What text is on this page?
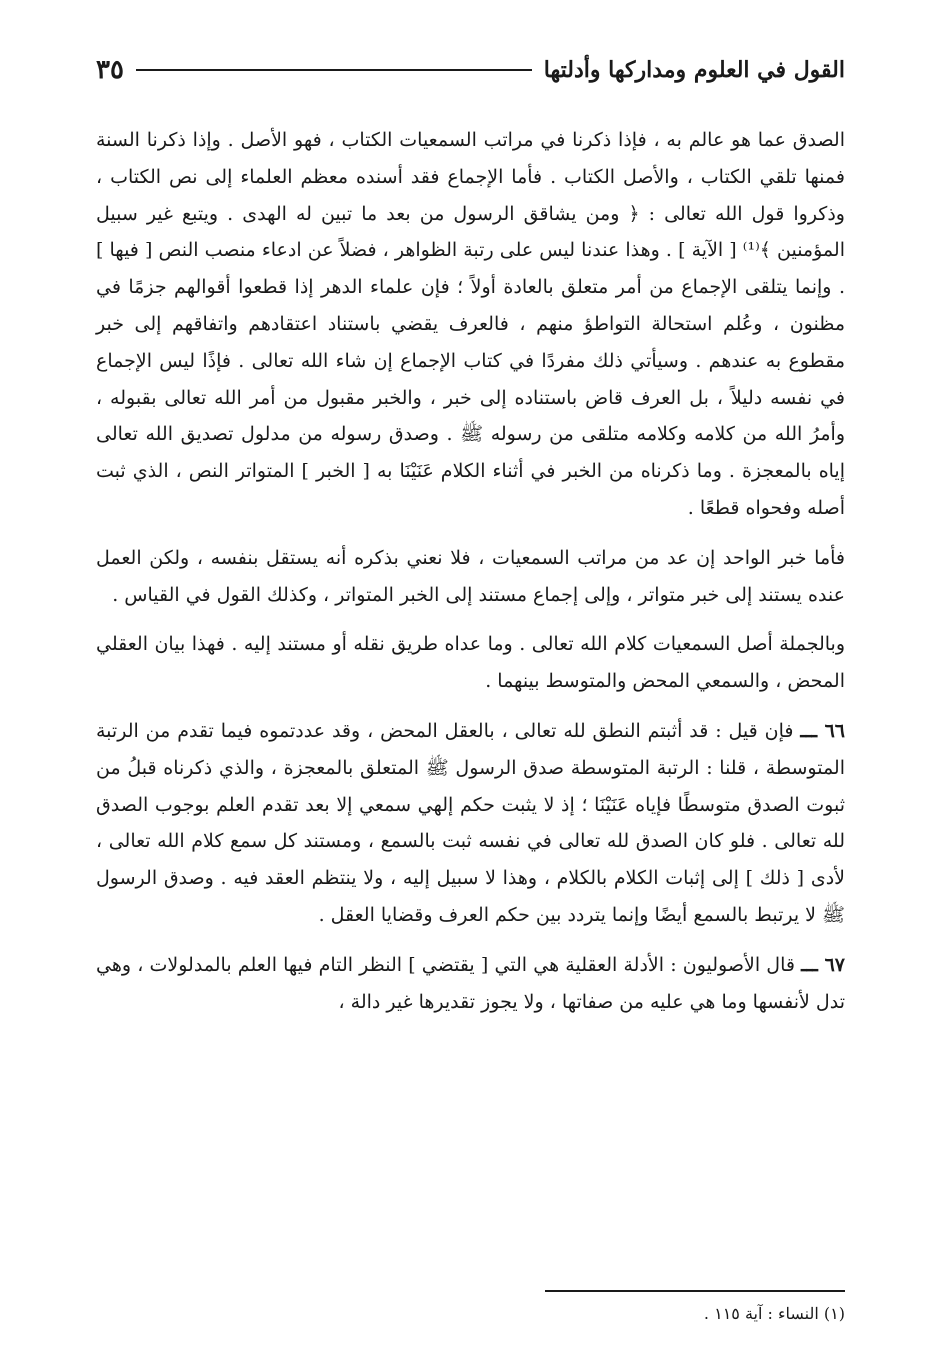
القول في العلوم ومداركها وأدلتها
٣٥

الصدق عما هو عالم به ، فإذا ذكرنا في مراتب السمعيات الكتاب ، فهو الأصل . وإذا ذكرنا السنة فمنها تلقي الكتاب ، والأصل الكتاب . فأما الإجماع فقد أسنده معظم العلماء إلى نص الكتاب ، وذكروا قول الله تعالى : ﴿ ومن يشاقق الرسول من بعد ما تبين له الهدى . ويتبع غير سبيل المؤمنين ﴾⁽¹⁾ [ الآية ] . وهذا عندنا ليس على رتبة الظواهر ، فضلاً عن ادعاء منصب النص [ فيها ] . وإنما يتلقى الإجماع من أمر متعلق بالعادة أولاً ؛ فإن علماء الدهر إذا قطعوا أقوالهم جزمًا في مظنون ، وعُلم استحالة التواطؤ منهم ، فالعرف يقضي باستناد اعتقادهم واتفاقهم إلى خبر مقطوع به عندهم . وسيأتي ذلك مفردًا في كتاب الإجماع إن شاء الله تعالى . فإذًا ليس الإجماع في نفسه دليلاً ، بل العرف قاض باستناده إلى خبر ، والخبر مقبول من أمر الله تعالى بقبوله ، وأمرُ الله من كلامه وكلامه متلقى من رسوله ﷺ . وصدق رسوله من مدلول تصديق الله تعالى إياه بالمعجزة . وما ذكرناه من الخبر في أثناء الكلام عَنَيْنَا به [ الخبر ] المتواتر النص ، الذي ثبت أصله وفحواه قطعًا .

فأما خبر الواحد إن عد من مراتب السمعيات ، فلا نعني بذكره أنه يستقل بنفسه ، ولكن العمل عنده يستند إلى خبر متواتر ، وإلى إجماع مستند إلى الخبر المتواتر ، وكذلك القول في القياس .

وبالجملة أصل السمعيات كلام الله تعالى . وما عداه طريق نقله أو مستند إليه . فهذا بيان العقلي المحض ، والسمعي المحض والمتوسط بينهما .

٦٦ ـــ فإن قيل : قد أثبتم النطق لله تعالى ، بالعقل المحض ، وقد عددتموه فيما تقدم من الرتبة المتوسطة ، قلنا : الرتبة المتوسطة صدق الرسول ﷺ المتعلق بالمعجزة ، والذي ذكرناه قبلُ من ثبوت الصدق متوسطًا فإياه عَنَيْنَا ؛ إذ لا يثبت حكم إلهي سمعي إلا بعد تقدم العلم بوجوب الصدق لله تعالى . فلو كان الصدق لله تعالى في نفسه ثبت بالسمع ، ومستند كل سمع كلام الله تعالى ، لأدى [ ذلك ] إلى إثبات الكلام بالكلام ، وهذا لا سبيل إليه ، ولا ينتظم العقد فيه . وصدق الرسول ﷺ لا يرتبط بالسمع أيضًا وإنما يتردد بين حكم العرف وقضايا العقل .

٦٧ ـــ قال الأصوليون : الأدلة العقلية هي التي [ يقتضي ] النظر التام فيها العلم بالمدلولات ، وهي تدل لأنفسها وما هي عليه من صفاتها ، ولا يجوز تقديرها غير دالة ،

(١) النساء : آية ١١٥ .
